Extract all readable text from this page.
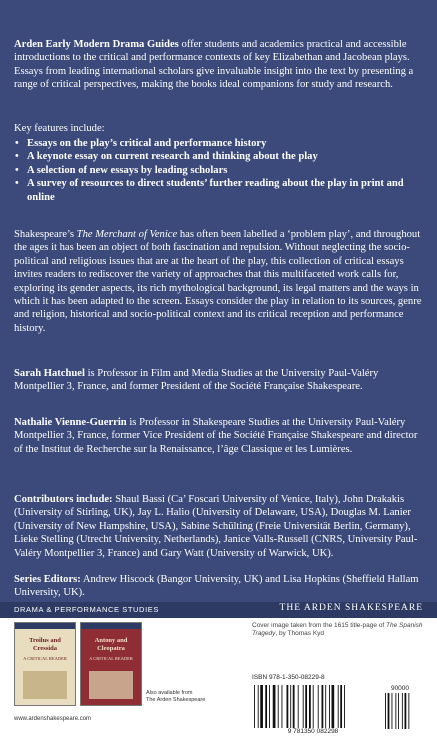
Arden Early Modern Drama Guides offer students and academics practical and accessible introductions to the critical and performance contexts of key Elizabethan and Jacobean plays. Essays from leading international scholars give invaluable insight into the text by presenting a range of critical perspectives, making the books ideal companions for study and research.

Key features include:

• Essays on the play’s critical and performance history
• A keynote essay on current research and thinking about the play
• A selection of new essays by leading scholars
• A survey of resources to direct students’ further reading about the play in print and online

Shakespeare’s The Merchant of Venice has often been labelled a ‘problem play’, and throughout the ages it has been an object of both fascination and repulsion. Without neglecting the socio-political and religious issues that are at the heart of the play, this collection of critical essays invites readers to rediscover the variety of approaches that this multifaceted work calls for, exploring its gender aspects, its rich mythological background, its legal matters and the ways in which it has been adapted to the screen. Essays consider the play in relation to its sources, genre and religion, historical and socio-political context and its critical reception and performance history.

Sarah Hatchuel is Professor in Film and Media Studies at the University Paul-Valéry Montpellier 3, France, and former President of the Société Française Shakespeare.

Nathalie Vienne-Guerrin is Professor in Shakespeare Studies at the University Paul-Valéry Montpellier 3, France, former Vice President of the Société Française Shakespeare and director of the Institut de Recherche sur la Renaissance, l’âge Classique et les Lumières.

Contributors include: Shaul Bassi (Ca’ Foscari University of Venice, Italy), John Drakakis (University of Stirling, UK), Jay L. Halio (University of Delaware, USA), Douglas M. Lanier (University of New Hampshire, USA), Sabine Schülting (Freie Universität Berlin, Germany), Lieke Stelling (Utrecht University, Netherlands), Janice Valls-Russell (CNRS, University Paul-Valéry Montpellier 3, France) and Gary Watt (University of Warwick, UK).

Series Editors: Andrew Hiscock (Bangor University, UK) and Lisa Hopkins (Sheffield Hallam University, UK).

DRAMA & PERFORMANCE STUDIES	THE ARDEN SHAKESPEARE
Troilus and Cressida
A CRITICAL READER
Antony and Cleopatra
A CRITICAL READER
Also available from
The Arden Shakespeare
www.ardenshakespeare.com
Cover image taken from the 1615 title-page of The Spanish Tragedy, by Thomas Kyd
ISBN 978-1-350-08229-8
90000
9 781350 082298
